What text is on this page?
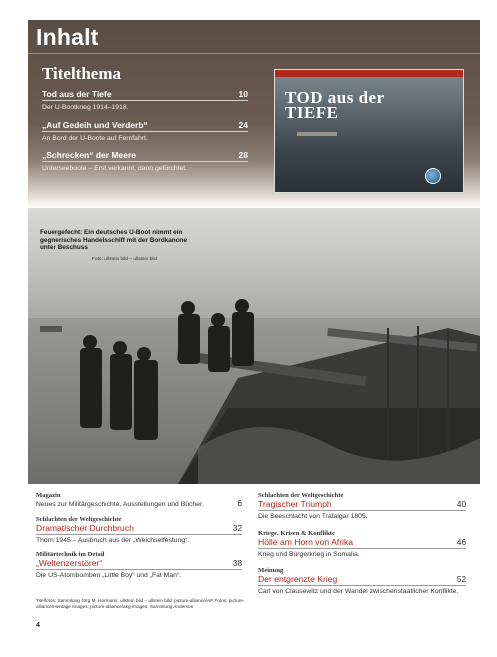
Inhalt
Titelthema
Tod aus der Tiefe	10
Der U-Bootkrieg 1914–1918.
„Auf Gedeih und Verderb“	24
An Bord der U-Boote auf Fernfahrt.
„Schrecken“ der Meere	28
Unterseeboote – Erst verkannt, dann gefürchtet.
TOD aus der
TIEFE
Feuergefecht: Ein deutsches U-Boot nimmt ein gegnerisches Handelsschiff mit der Bordkanone unter Beschuss
Foto: ullstein bild – ullstein bild
Magazin
Neues zur Militärgeschichte, Ausstellungen und Bücher.	6
Schlachten der Weltgeschichte
Dramatischer Durchbruch	32
Thorn 1945 – Ausbruch aus der „Weichselfestung“.
Militärtechnik im Detail
„Weltenzerstörer“	38
Die US-Atombomben „Little Boy“ und „Fat Man“.
Schlachten der Weltgeschichte
Tragischer Triumph	40
Die Seeschlacht von Trafalgar 1805.
Kriege, Krisen & Konflikte
Hölle am Horn von Afrika	46
Krieg und Bürgerkrieg in Somalia.
Meinung
Der entgrenzte Krieg	52
Carl von Clausewitz und der Wandel zwischenstaatlicher Konflikte.
Titelfotos: Sammlung Jörg M. Hormann; ullstein bild – ullstein bild: picture-alliance/AP Fotos: picture-alliance/Heritage Images; picture-alliance/akg-images; Sammlung Anderson
4
